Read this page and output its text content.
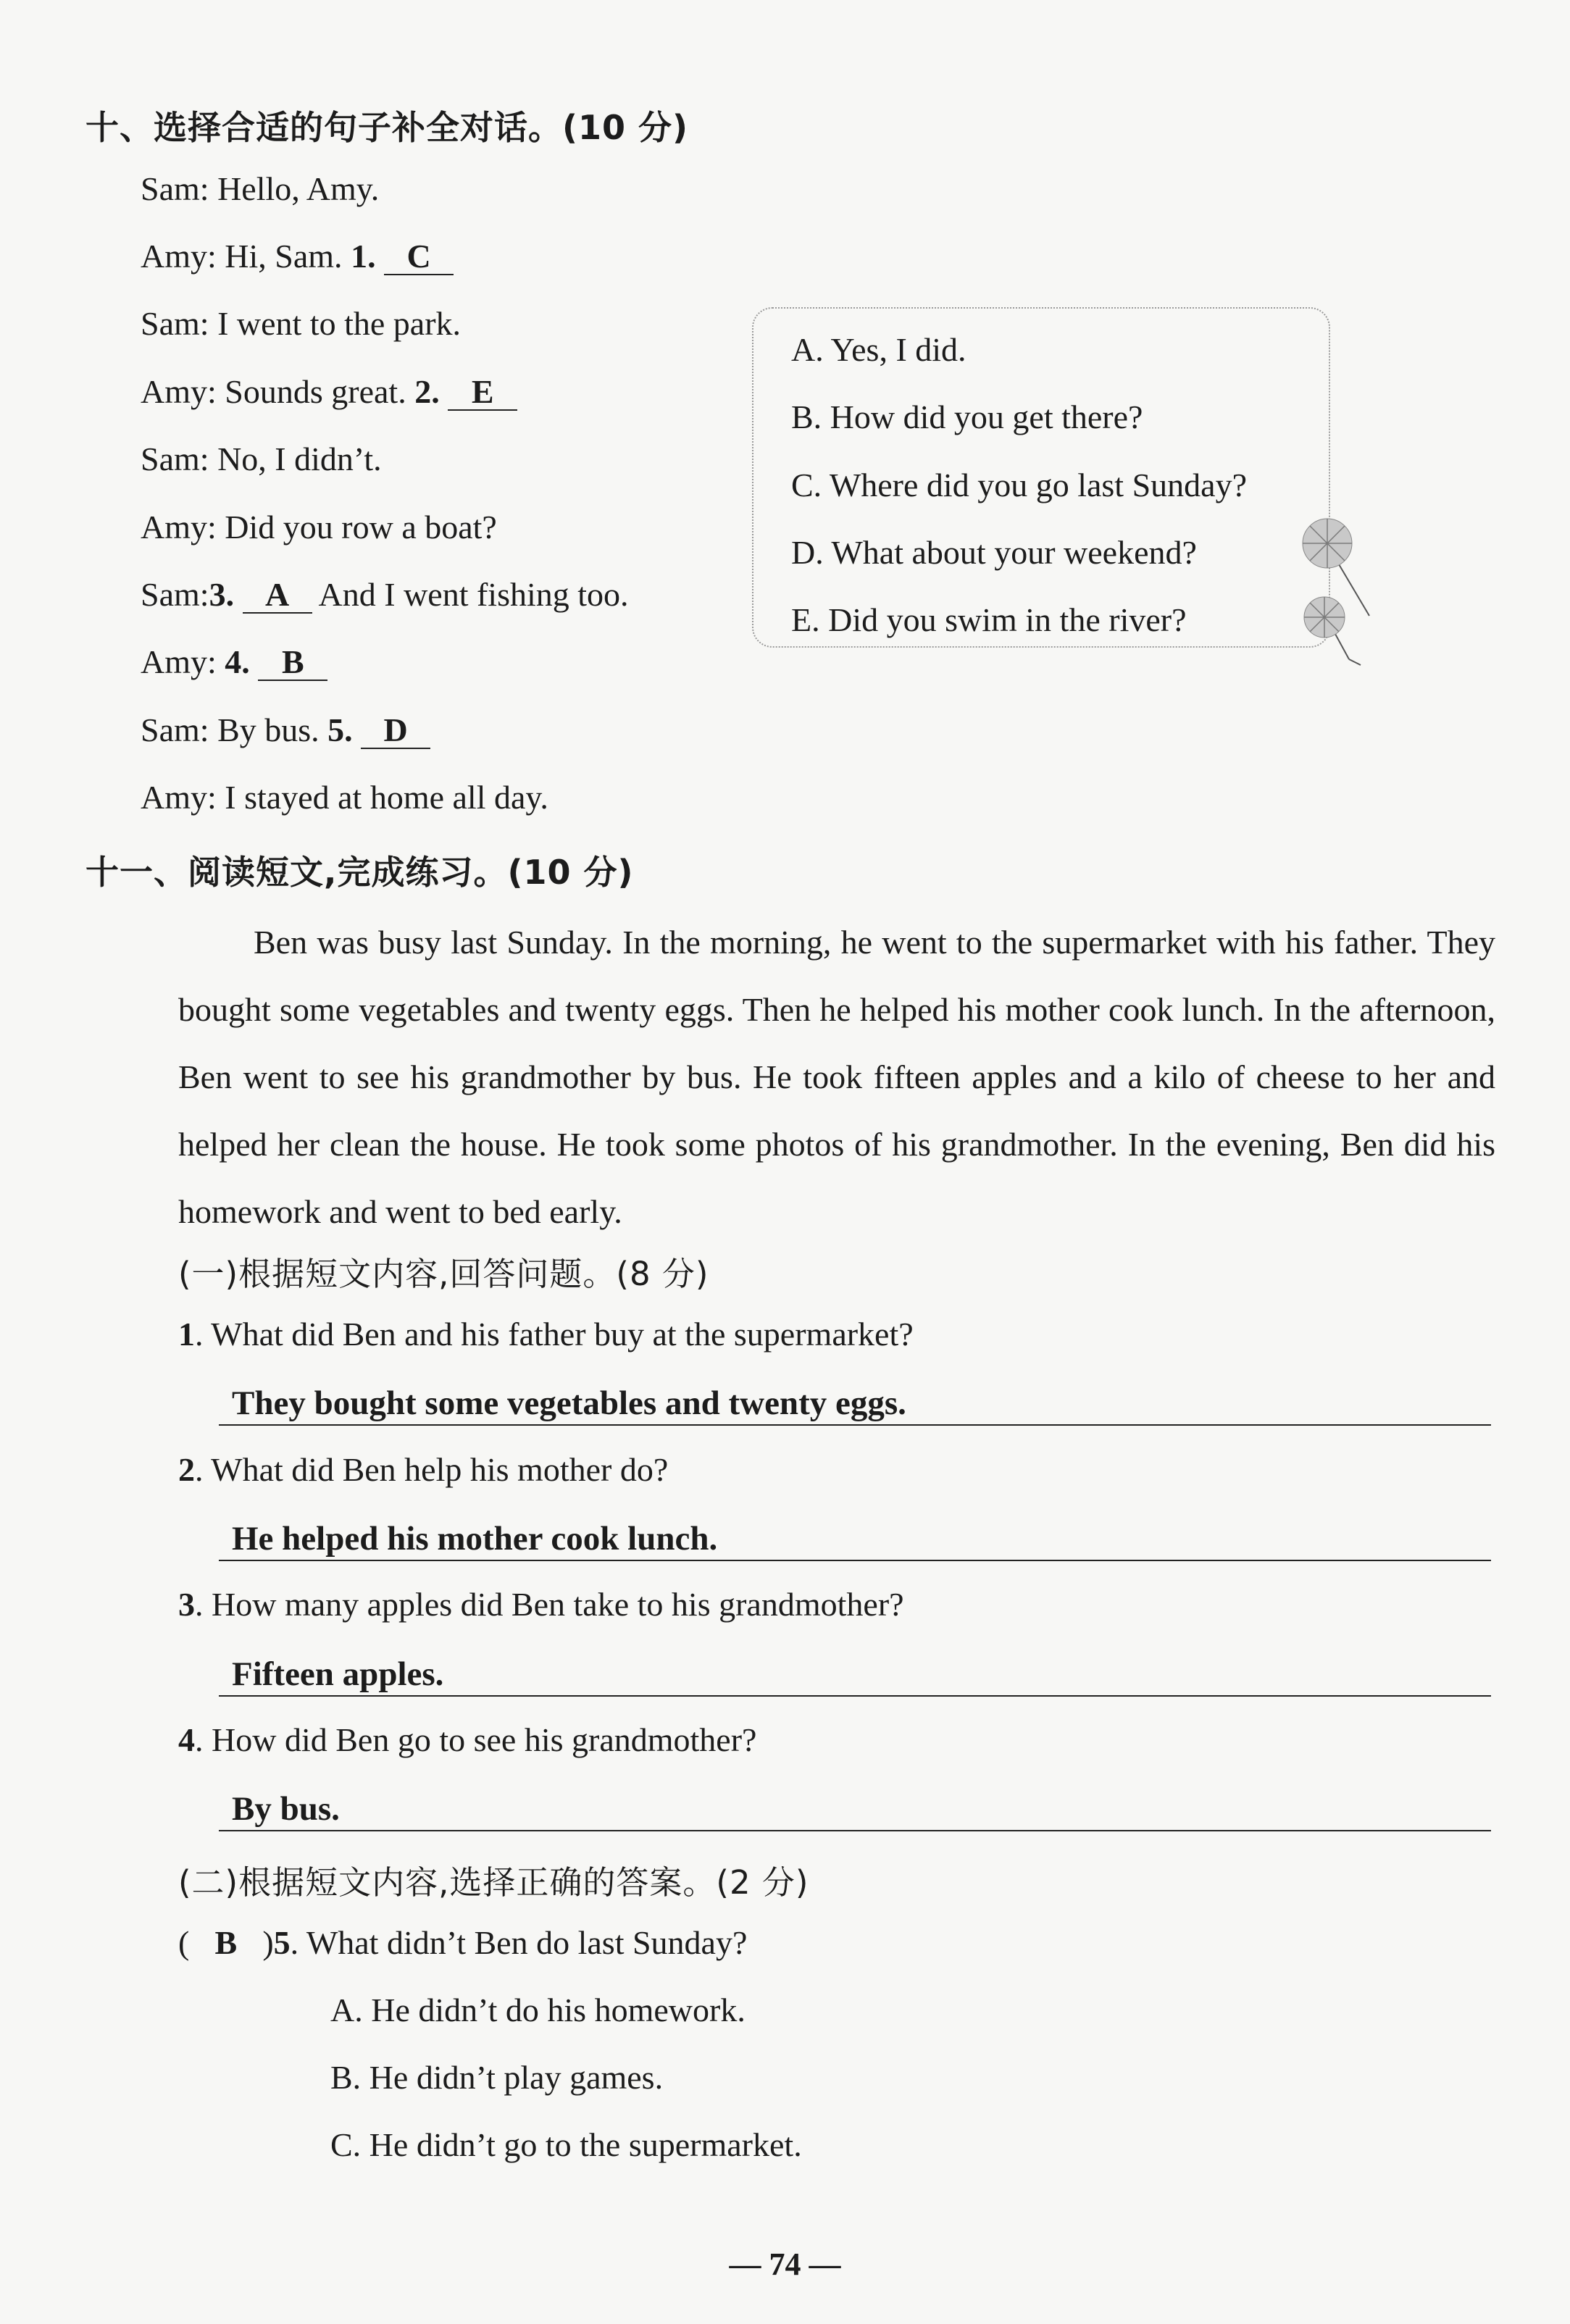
十、选择合适的句子补全对话。(10 分)
Sam: Hello, Amy.
Amy: Hi, Sam. 1. C
Sam: I went to the park.
Amy: Sounds great. 2. E
Sam: No, I didn’t.
Amy: Did you row a boat?
Sam:3. A And I went fishing too.
Amy: 4. B
Sam: By bus. 5. D
Amy: I stayed at home all day.
A. Yes, I did.
B. How did you get there?
C. Where did you go last Sunday?
D. What about your weekend?
E. Did you swim in the river?
十一、阅读短文,完成练习。(10 分)
Ben was busy last Sunday. In the morning, he went to the supermarket with his father. They bought some vegetables and twenty eggs. Then he helped his mother cook lunch. In the afternoon, Ben went to see his grandmother by bus. He took fifteen apples and a kilo of cheese to her and helped her clean the house. He took some photos of his grandmother. In the evening, Ben did his homework and went to bed early.
(一)根据短文内容,回答问题。(8 分)
1. What did Ben and his father buy at the supermarket?
They bought some vegetables and twenty eggs.
2. What did Ben help his mother do?
He helped his mother cook lunch.
3. How many apples did Ben take to his grandmother?
Fifteen apples.
4. How did Ben go to see his grandmother?
By bus.
(二)根据短文内容,选择正确的答案。(2 分)
( B )5. What didn’t Ben do last Sunday?
A. He didn’t do his homework.
B. He didn’t play games.
C. He didn’t go to the supermarket.
— 74 —
